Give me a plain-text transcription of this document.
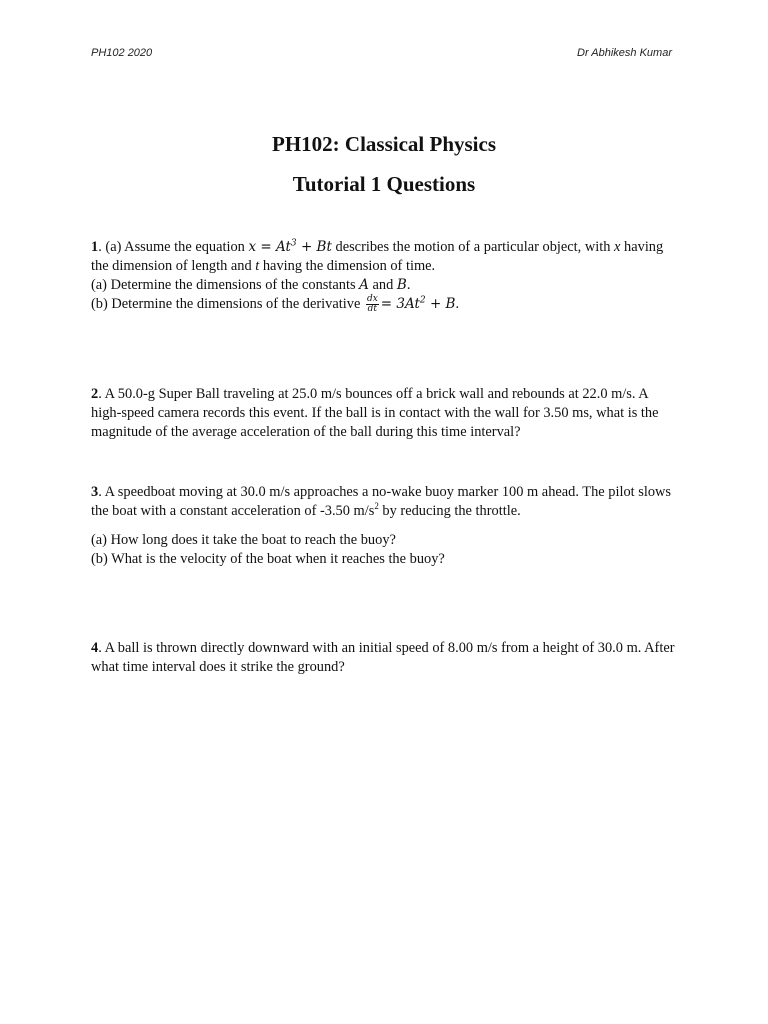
PH102 2020	Dr Abhikesh Kumar
PH102: Classical Physics
Tutorial 1 Questions

1. (a) Assume the equation $x = At^3 + Bt$ describes the motion of a particular object, with x having the dimension of length and t having the dimension of time.

(a) Determine the dimensions of the constants A and B.

(b) Determine the dimensions of the derivative $\frac{dx}{dt} = 3At^2 + B$.

2. A 50.0-g Super Ball traveling at 25.0 m/s bounces off a brick wall and rebounds at 22.0 m/s. A high-speed camera records this event. If the ball is in contact with the wall for 3.50 ms, what is the magnitude of the average acceleration of the ball during this time interval?

3. A speedboat moving at 30.0 m/s approaches a no-wake buoy marker 100 m ahead. The pilot slows the boat with a constant acceleration of -3.50 $m/s^2$ by reducing the throttle.

(a) How long does it take the boat to reach the buoy?

(b) What is the velocity of the boat when it reaches the buoy?

4. A ball is thrown directly downward with an initial speed of 8.00 m/s from a height of 30.0 m. After what time interval does it strike the ground?
